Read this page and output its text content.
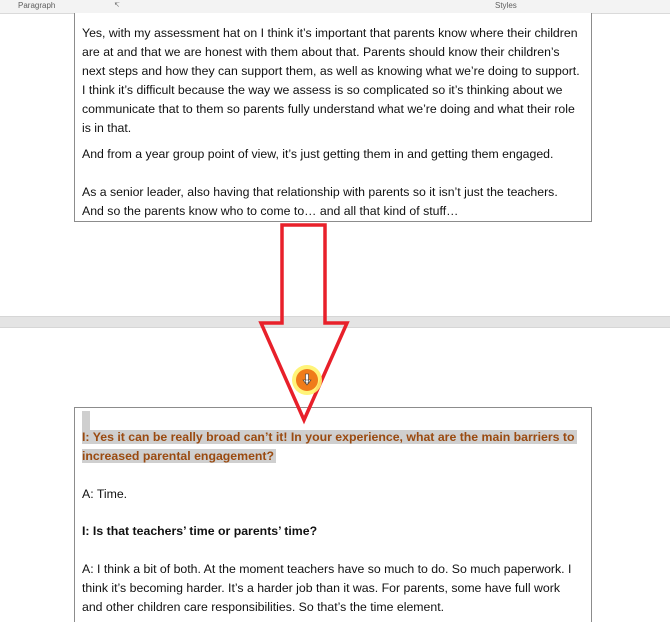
Paragraph	↸	Styles

Yes, with my assessment hat on I think it’s important that parents know where their children are at and that we are honest with them about that. Parents should know their children’s next steps and how they can support them, as well as knowing what we’re doing to support. I think it’s difficult because the way we assess is so complicated so it’s thinking about we communicate that to them so parents fully understand what we’re doing and what their role is in that.

And from a year group point of view, it’s just getting them in and getting them engaged.

As a senior leader, also having that relationship with parents so it isn’t just the teachers. And so the parents know who to come to… and all that kind of stuff…

I: Yes it can be really broad can’t it! In your experience, what are the main barriers to increased parental engagement?

A: Time.

I: Is that teachers’ time or parents’ time?

A: I think a bit of both. At the moment teachers have so much to do. So much paperwork. I think it’s becoming harder. It’s a harder job than it was. For parents, some have full work and other children care responsibilities. So that’s the time element.
